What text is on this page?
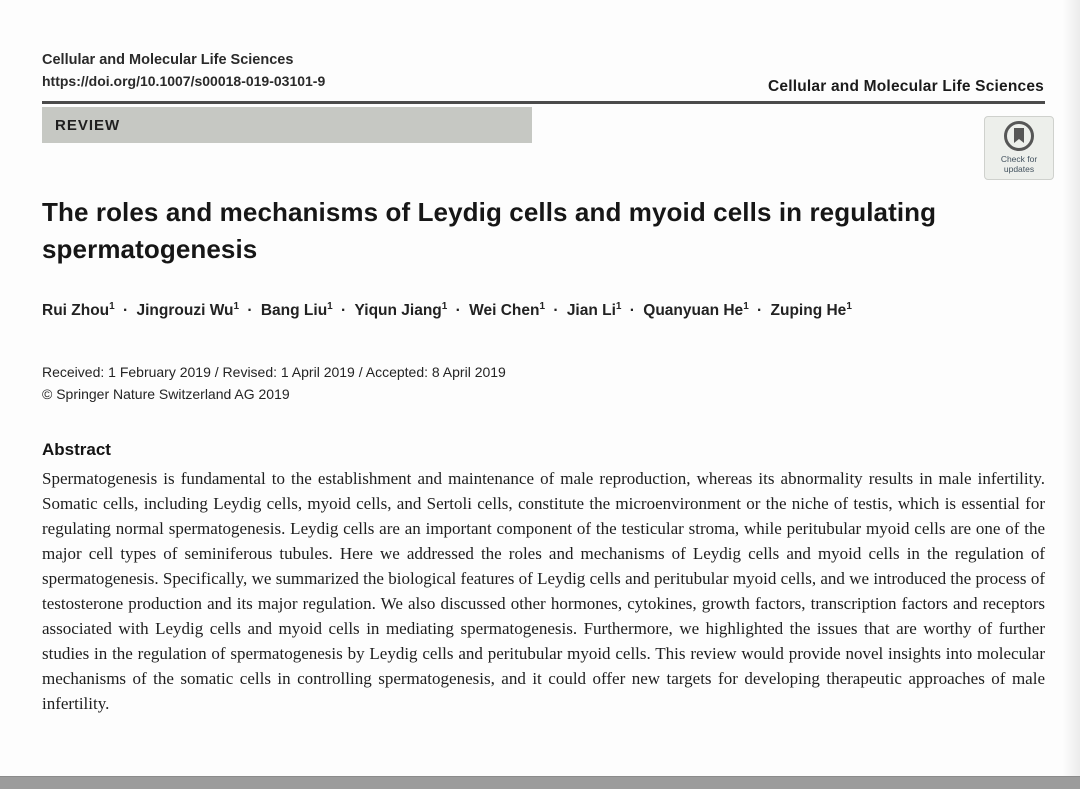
Cellular and Molecular Life Sciences
https://doi.org/10.1007/s00018-019-03101-9	Cellular and Molecular Life Sciences
REVIEW
Check for
updates
The roles and mechanisms of Leydig cells and myoid cells in regulating spermatogenesis
Rui Zhou$^1$ · Jingrouzi $Wu^1$ · Bang Liu$^1$ · Yiqun Jiang$^1$ · Wei Chen$^1$ · Jian $Li^1$ · Quanyuan $He^1$ · Zuping He$^1$
Received: 1 February 2019 / Revised: 1 April 2019 / Accepted: 8 April 2019
© Springer Nature Switzerland AG 2019
Abstract
Spermatogenesis is fundamental to the establishment and maintenance of male reproduction, whereas its abnormality results in male infertility. Somatic cells, including Leydig cells, myoid cells, and Sertoli cells, constitute the microenvironment or the niche of testis, which is essential for regulating normal spermatogenesis. Leydig cells are an important component of the testicular stroma, while peritubular myoid cells are one of the major cell types of seminiferous tubules. Here we addressed the roles and mechanisms of Leydig cells and myoid cells in the regulation of spermatogenesis. Specifically, we summarized the biological features of Leydig cells and peritubular myoid cells, and we introduced the process of testosterone production and its major regulation. We also discussed other hormones, cytokines, growth factors, transcription factors and receptors associated with Leydig cells and myoid cells in mediating spermatogenesis. Furthermore, we highlighted the issues that are worthy of further studies in the regulation of spermatogenesis by Leydig cells and peritubular myoid cells. This review would provide novel insights into molecular mechanisms of the somatic cells in controlling spermatogenesis, and it could offer new targets for developing therapeutic approaches of male infertility.
